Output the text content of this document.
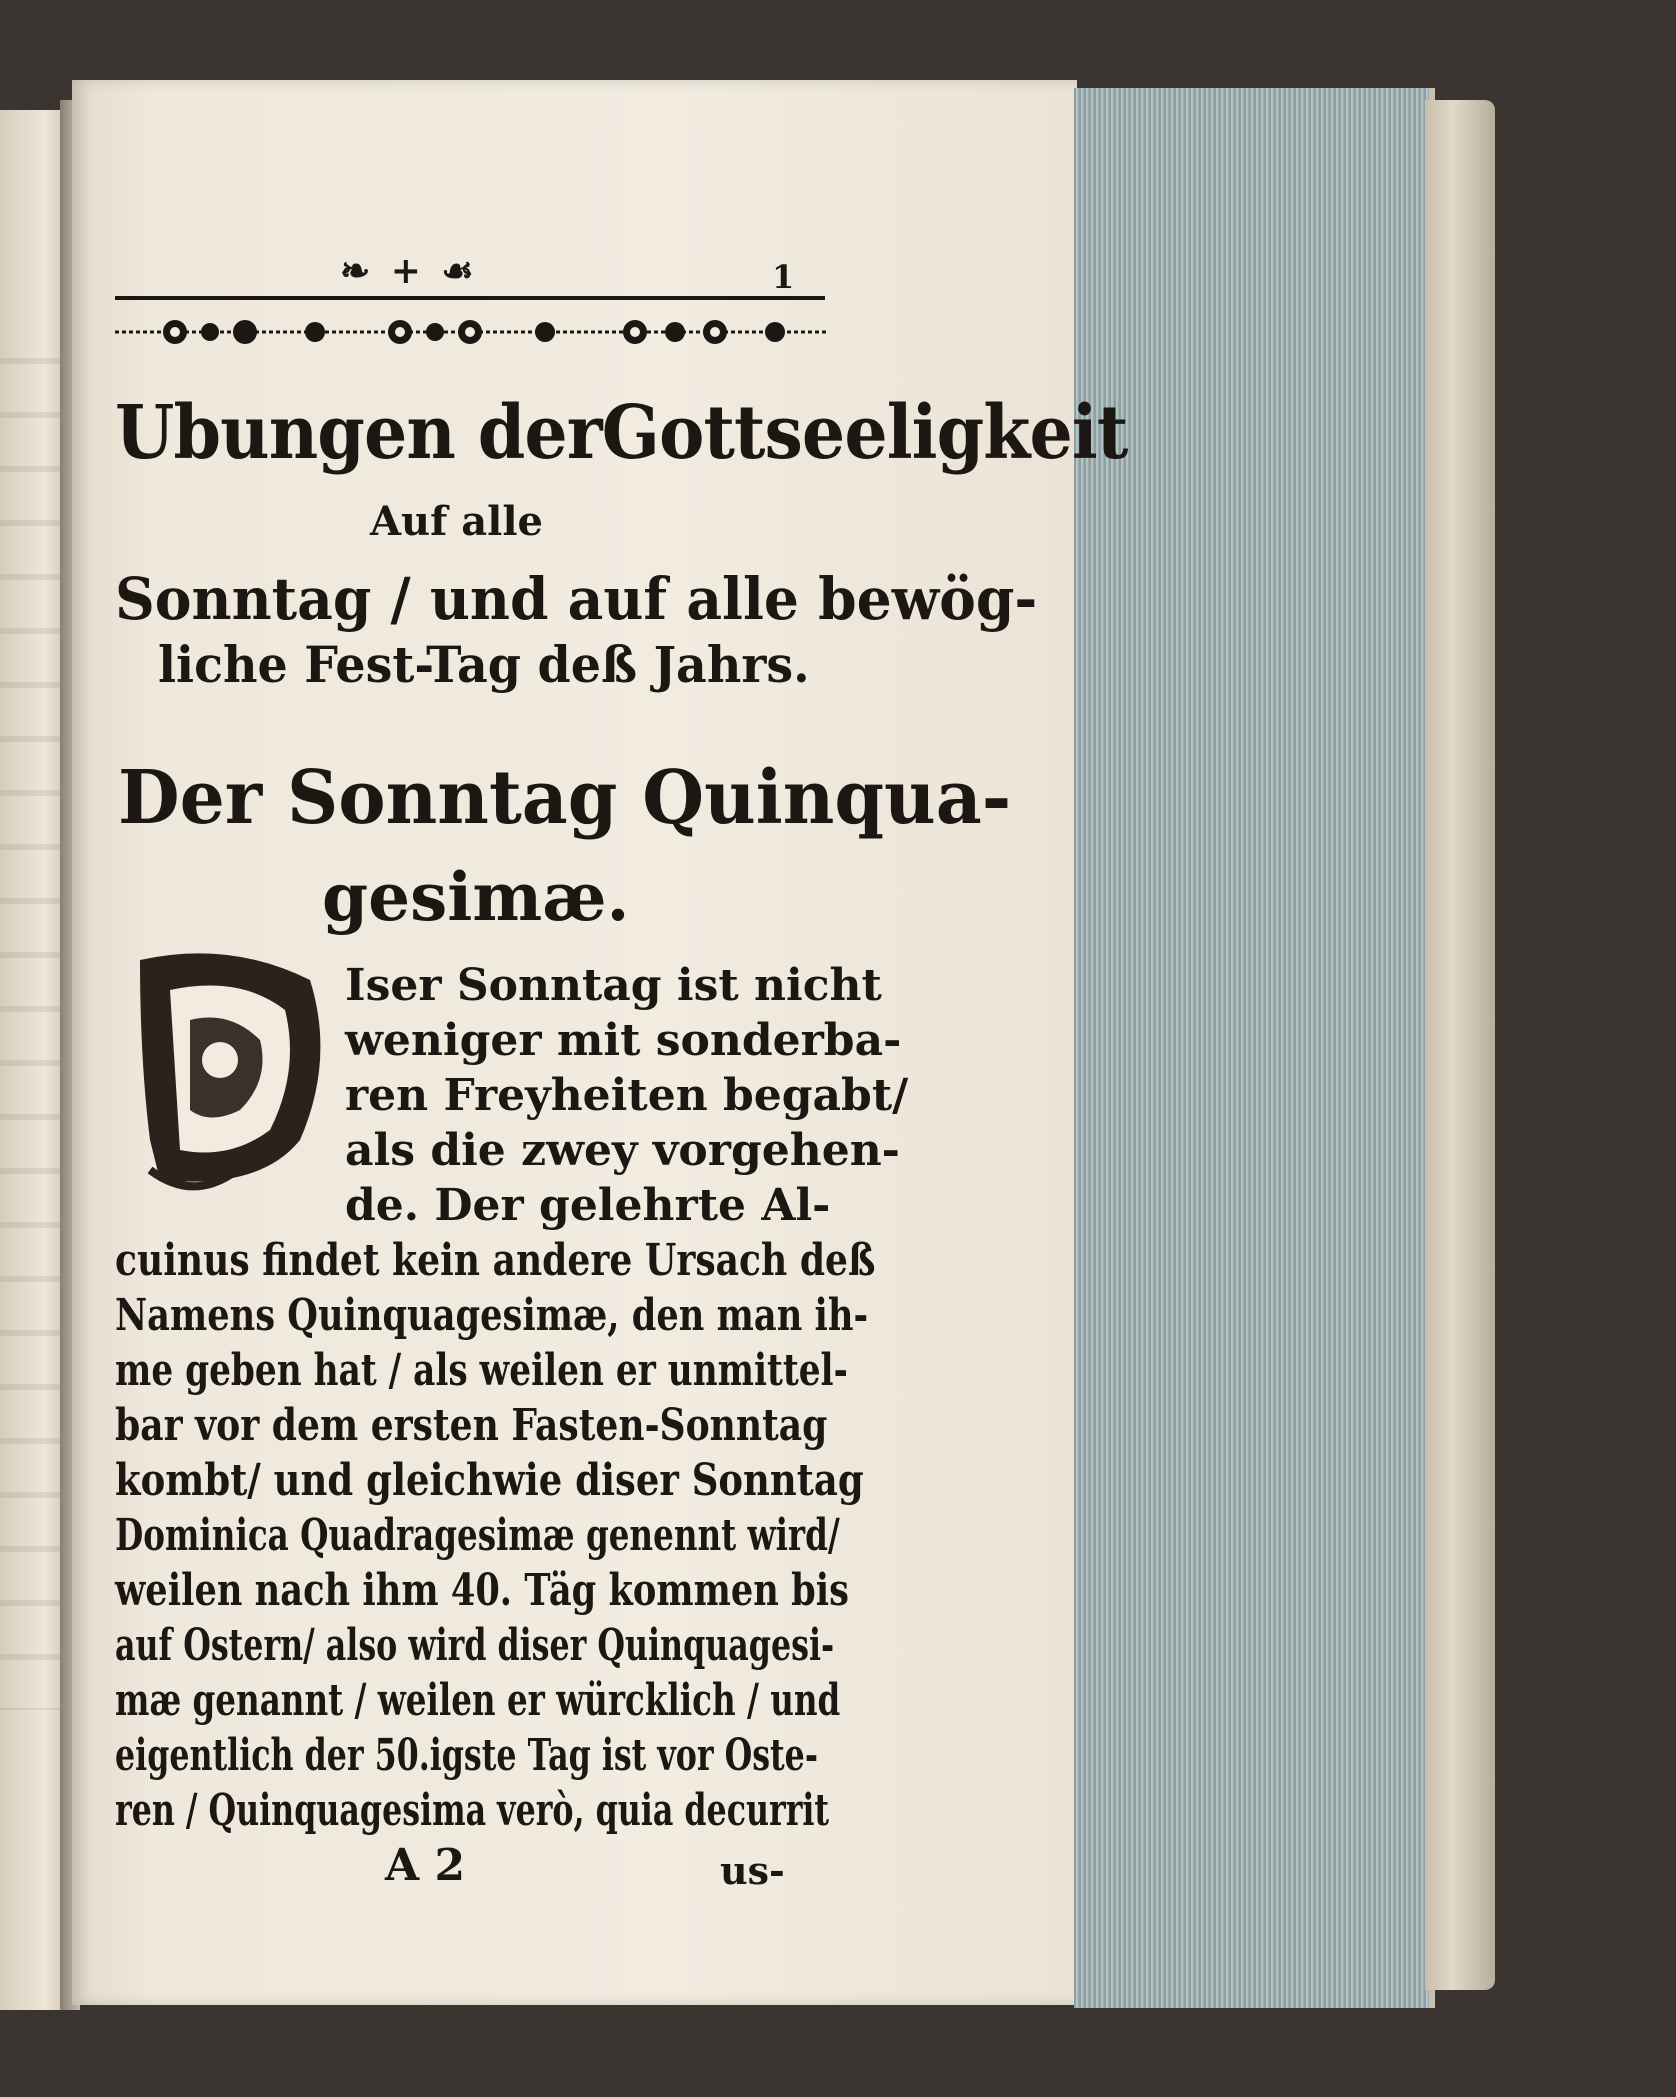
❧ + ☙	1
Ubungen derGottseeligkeit
Auf alle
Sonntag / und auf alle bewög-
liche Fest-Tag deß Jahrs.
Der Sonntag Quinqua-
gesimæ.
Iser Sonntag ist nicht
weniger mit sonderba-
ren Freyheiten begabt/
als die zwey vorgehen-
de. Der gelehrte Al-
cuinus findet kein andere Ursach deß
Namens Quinquagesimæ, den man ih-
me geben hat / als weilen er unmittel-
bar vor dem ersten Fasten-Sonntag
kombt/ und gleichwie diser Sonntag
Dominica Quadragesimæ genennt wird/
weilen nach ihm 40. Täg kommen bis
auf Ostern/ also wird diser Quinquagesi-
mæ genannt / weilen er würcklich / und
eigentlich der 50.igste Tag ist vor Oste-
ren / Quinquagesima verò, quia decurrit
A 2	us-
